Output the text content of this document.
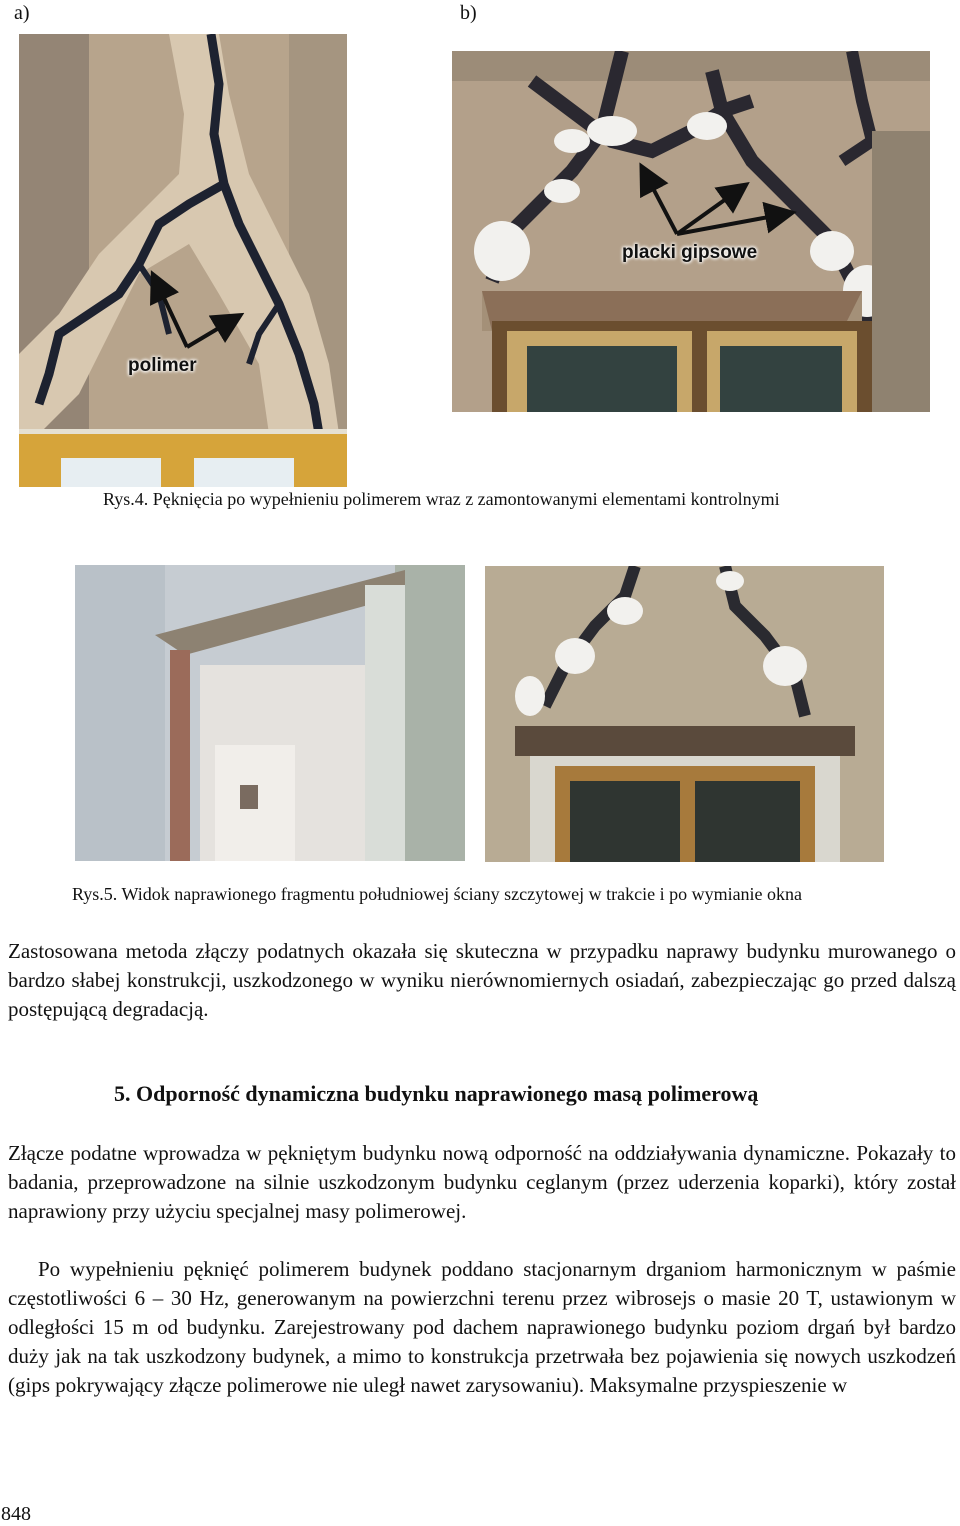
a)	b)
polimer
placki gipsowe
Rys.4. Pęknięcia po wypełnieniu polimerem wraz z zamontowanymi elementami kontrolnymi
Rys.5. Widok naprawionego fragmentu południowej ściany szczytowej w trakcie i po wymianie okna

Zastosowana metoda złączy podatnych okazała się skuteczna w przypadku naprawy budynku murowanego o bardzo słabej konstrukcji, uszkodzonego w wyniku nierównomiernych osiadań, zabezpieczając go przed dalszą postępującą degradacją.

5. Odporność dynamiczna budynku naprawionego masą polimerową

Złącze podatne wprowadza w pękniętym budynku nową odporność na oddziaływania dynamiczne. Pokazały to badania, przeprowadzone na silnie uszkodzonym budynku ceglanym (przez uderzenia koparki), który został naprawiony przy użyciu specjalnej masy polimerowej.

Po wypełnieniu pęknięć polimerem budynek poddano stacjonarnym drganiom harmonicznym w paśmie częstotliwości 6 – 30 Hz, generowanym na powierzchni terenu przez wibrosejs o masie 20 T, ustawionym w odległości 15 m od budynku. Zarejestrowany pod dachem naprawionego budynku poziom drgań był bardzo duży jak na tak uszkodzony budynek, a mimo to konstrukcja przetrwała bez pojawienia się nowych uszkodzeń (gips pokrywający złącze polimerowe nie uległ nawet zarysowaniu). Maksymalne przyspieszenie w

848
